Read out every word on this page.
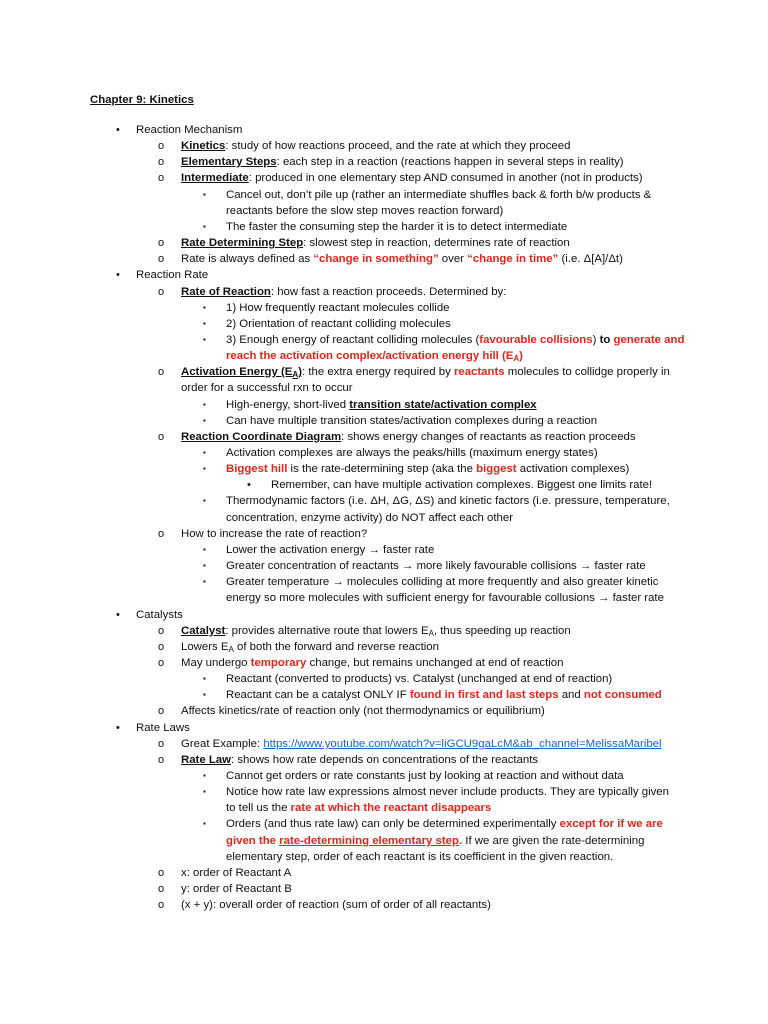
Chapter 9: Kinetics
• Reaction Mechanism
o Kinetics: study of how reactions proceed, and the rate at which they proceed
o Elementary Steps: each step in a reaction (reactions happen in several steps in reality)
o Intermediate: produced in one elementary step AND consumed in another (not in products)
▪ Cancel out, don’t pile up (rather an intermediate shuffles back & forth b/w products &
reactants before the slow step moves reaction forward)
▪ The faster the consuming step the harder it is to detect intermediate
o Rate Determining Step: slowest step in reaction, determines rate of reaction
o Rate is always defined as “change in something” over “change in time” (i.e. Δ[A]/Δt)
• Reaction Rate
o Rate of Reaction: how fast a reaction proceeds. Determined by:
▪ 1) How frequently reactant molecules collide
▪ 2) Orientation of reactant colliding molecules
▪ 3) Enough energy of reactant colliding molecules (favourable collisions) to generate and
reach the activation complex/activation energy hill $(E_A)$
o Activation Energy $(E_A)$: the extra energy required by reactants molecules to collidge properly in
order for a successful rxn to occur
▪ High-energy, short-lived transition state/activation complex
▪ Can have multiple transition states/activation complexes during a reaction
o Reaction Coordinate Diagram: shows energy changes of reactants as reaction proceeds
▪ Activation complexes are always the peaks/hills (maximum energy states)
▪ Biggest hill is the rate-determining step (aka the biggest activation complexes)
• Remember, can have multiple activation complexes. Biggest one limits rate!
▪ Thermodynamic factors (i.e. ΔH, ΔG, ΔS) and kinetic factors (i.e. pressure, temperature,
concentration, enzyme activity) do NOT affect each other
o How to increase the rate of reaction?
▪ Lower the activation energy → faster rate
▪ Greater concentration of reactants → more likely favourable collisions → faster rate
▪ Greater temperature → molecules colliding at more frequently and also greater kinetic
energy so more molecules with sufficient energy for favourable collusions → faster rate
• Catalysts
o Catalyst: provides alternative route that lowers $E_A$, thus speeding up reaction
o Lowers $E_A$ of both the forward and reverse reaction
o May undergo temporary change, but remains unchanged at end of reaction
▪ Reactant (converted to products) vs. Catalyst (unchanged at end of reaction)
▪ Reactant can be a catalyst ONLY IF found in first and last steps and not consumed
o Affects kinetics/rate of reaction only (not thermodynamics or equilibrium)
• Rate Laws
o Great Example: https://www.youtube.com/watch?v=liGCU9gaLcM&ab_channel=MelissaMaribel
o Rate Law: shows how rate depends on concentrations of the reactants
▪ Cannot get orders or rate constants just by looking at reaction and without data
▪ Notice how rate law expressions almost never include products. They are typically given
to tell us the rate at which the reactant disappears
▪ Orders (and thus rate law) can only be determined experimentally except for if we are
given the rate-determining elementary step. If we are given the rate-determining
elementary step, order of each reactant is its coefficient in the given reaction.
o x: order of Reactant A
o y: order of Reactant B
o (x + y): overall order of reaction (sum of order of all reactants)
